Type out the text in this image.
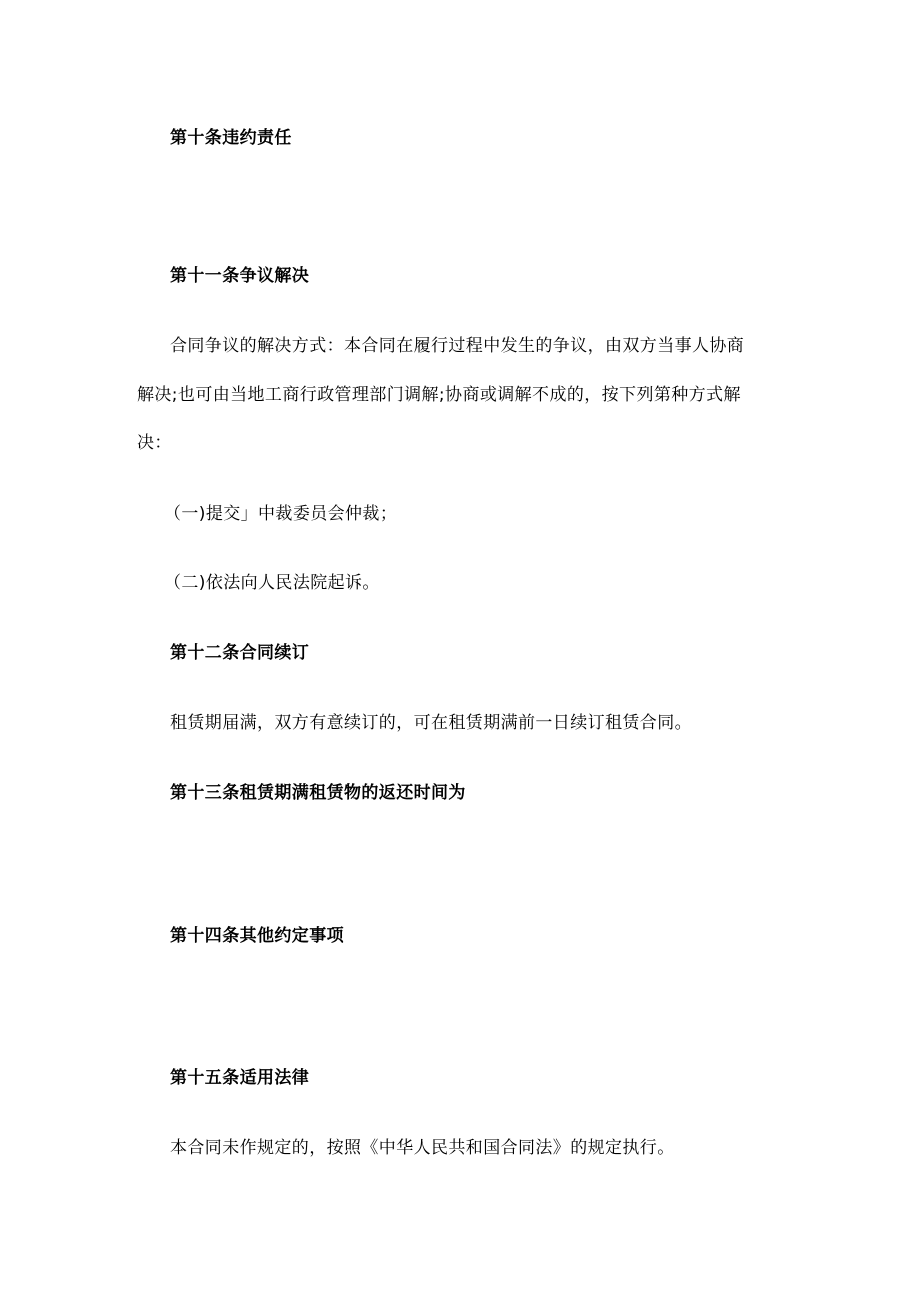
第十条违约责任
第十一条争议解决
合同争议的解决方式：本合同在履行过程中发生的争议，由双方当事人协商
解决;也可由当地工商行政管理部门调解;协商或调解不成的，按下列第种方式解
决：
（一)提交」中裁委员会仲裁；
（二)依法向人民法院起诉。
第十二条合同续订
租赁期届满，双方有意续订的，可在租赁期满前一日续订租赁合同。
第十三条租赁期满租赁物的返还时间为
第十四条其他约定事项
第十五条适用法律
本合同未作规定的，按照《中华人民共和国合同法》的规定执行。
